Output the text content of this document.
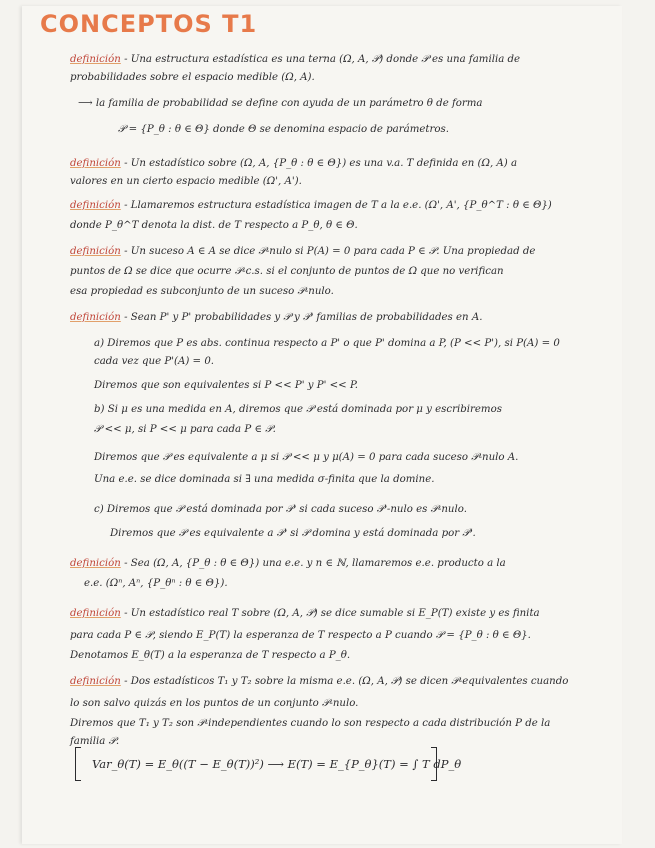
CONCEPTOS T1
definición - Una estructura estadística es una terna (Ω, A, 𝒫) donde 𝒫 es una familia de
probabilidades sobre el espacio medible (Ω, A).
⟶ la familia de probabilidad se define con ayuda de un parámetro θ de forma
𝒫 = {P_θ : θ ∈ Θ} donde Θ se denomina espacio de parámetros.
definición - Un estadístico sobre (Ω, A, {P_θ : θ ∈ Θ}) es una v.a. T definida en (Ω, A) a
valores en un cierto espacio medible (Ω', A').
definición - Llamaremos estructura estadística imagen de T a la e.e. (Ω', A', {P_θ^T : θ ∈ Θ})
donde P_θ^T denota la dist. de T respecto a P_θ, θ ∈ Θ.
definición - Un suceso A ∈ A se dice 𝒫-nulo si P(A) = 0 para cada P ∈ 𝒫. Una propiedad de
puntos de Ω se dice que ocurre 𝒫-c.s. si el conjunto de puntos de Ω que no verifican
esa propiedad es subconjunto de un suceso 𝒫-nulo.
definición - Sean P' y P' probabilidades y 𝒫 y 𝒫' familias de probabilidades en A.
a) Diremos que P es abs. continua respecto a P' o que P' domina a P, (P << P'), si P(A) = 0
cada vez que P'(A) = 0.
Diremos que son equivalentes si P << P' y P' << P.
b) Si μ es una medida en A, diremos que 𝒫 está dominada por μ y escribiremos
𝒫 << μ, si P << μ para cada P ∈ 𝒫.
Diremos que 𝒫 es equivalente a μ si 𝒫 << μ y μ(A) = 0 para cada suceso 𝒫-nulo A.
Una e.e. se dice dominada si ∃ una medida σ-finita que la domine.
c) Diremos que 𝒫 está dominada por 𝒫' si cada suceso 𝒫'-nulo es 𝒫-nulo.
Diremos que 𝒫 es equivalente a 𝒫' si 𝒫 domina y está dominada por 𝒫'.
definición - Sea (Ω, A, {P_θ : θ ∈ Θ}) una e.e. y n ∈ ℕ, llamaremos e.e. producto a la
e.e. (Ωⁿ, Aⁿ, {P_θⁿ : θ ∈ Θ}).
definición - Un estadístico real T sobre (Ω, A, 𝒫) se dice sumable si E_P(T) existe y es finita
para cada P ∈ 𝒫, siendo E_P(T) la esperanza de T respecto a P cuando 𝒫 = {P_θ : θ ∈ Θ}.
Denotamos E_θ(T) a la esperanza de T respecto a P_θ.
definición - Dos estadísticos T₁ y T₂ sobre la misma e.e. (Ω, A, 𝒫) se dicen 𝒫-equivalentes cuando
lo son salvo quizás en los puntos de un conjunto 𝒫-nulo.
Diremos que T₁ y T₂ son 𝒫-independientes cuando lo son respecto a cada distribución P de la
familia 𝒫.
Var_θ(T) = E_θ((T − E_θ(T))²) ⟶ E(T) = E_{P_θ}(T) = ∫ T dP_θ
